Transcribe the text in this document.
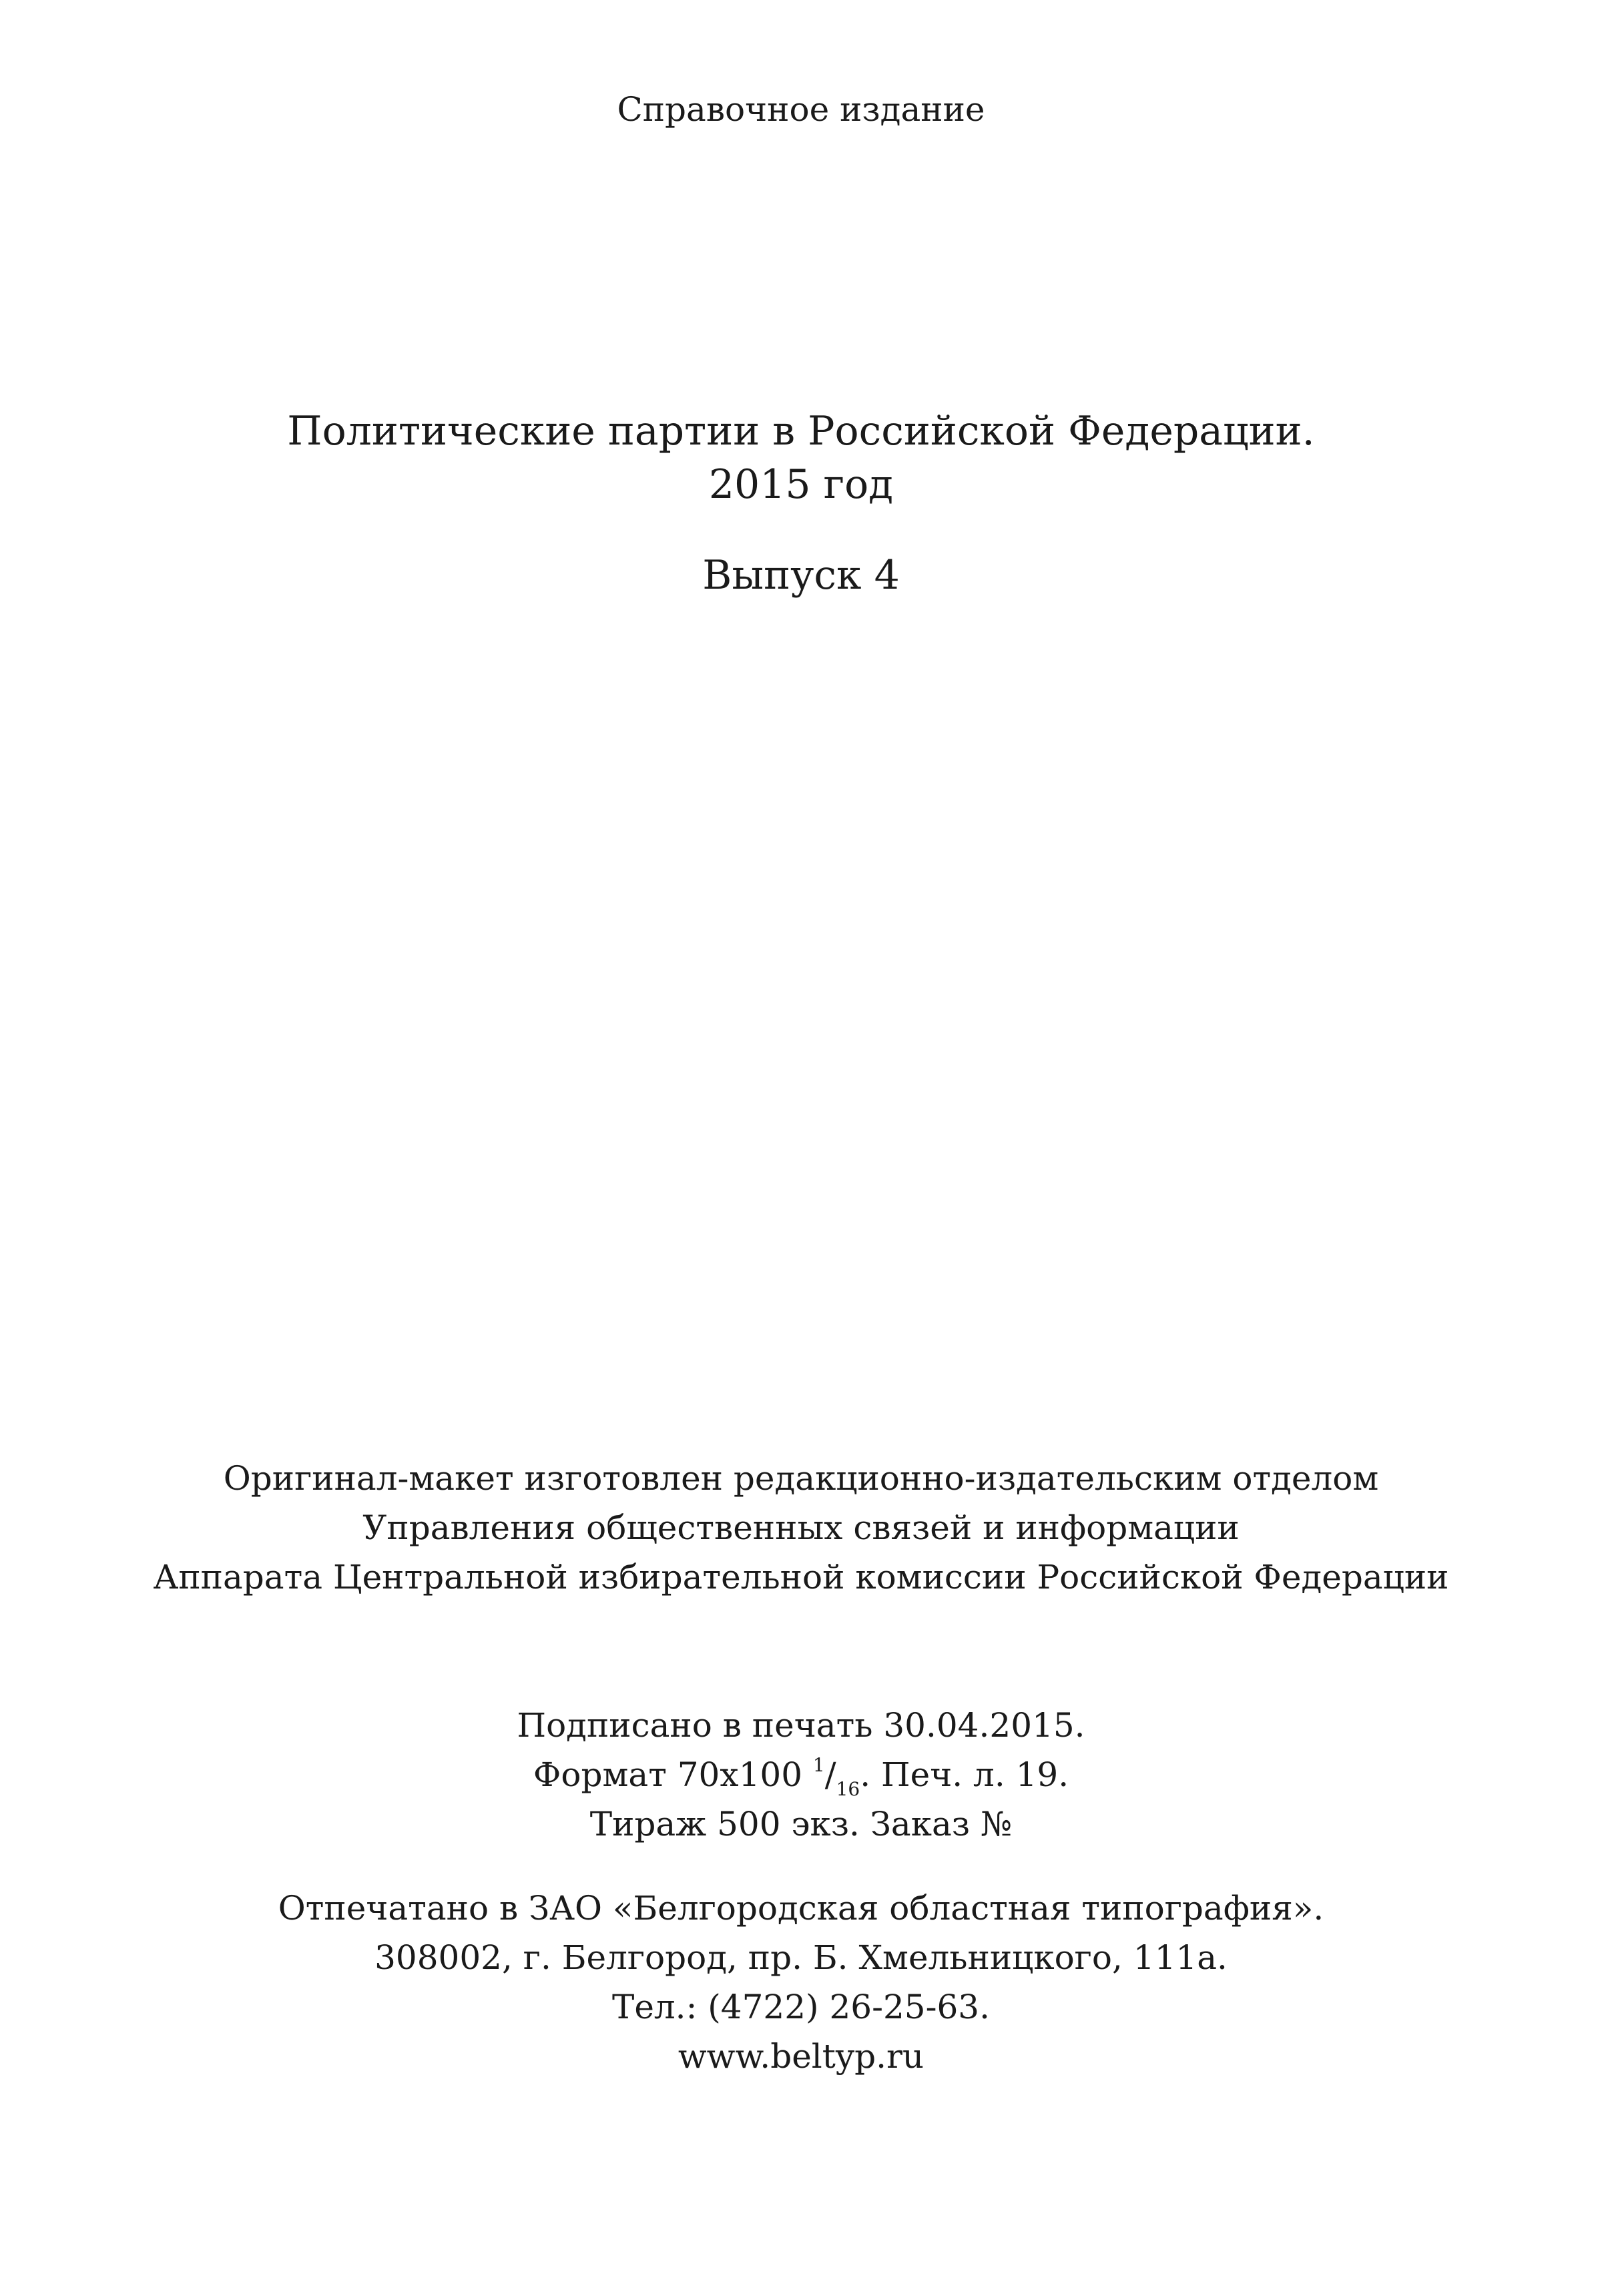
Справочное издание
Политические партии в Российской Федерации.
2015 год
Выпуск 4
Оригинал-макет изготовлен редакционно-издательским отделом
Управления общественных связей и информации
Аппарата Центральной избирательной комиссии Российской Федерации
Подписано в печать 30.04.2015.
Формат 70x100 $^1/_{16}$. Печ. л. 19.
Тираж 500 экз. Заказ №
Отпечатано в ЗАО «Белгородская областная типография».
308002, г. Белгород, пр. Б. Хмельницкого, 111а.
Тел.: (4722) 26-25-63.
www.beltyp.ru
